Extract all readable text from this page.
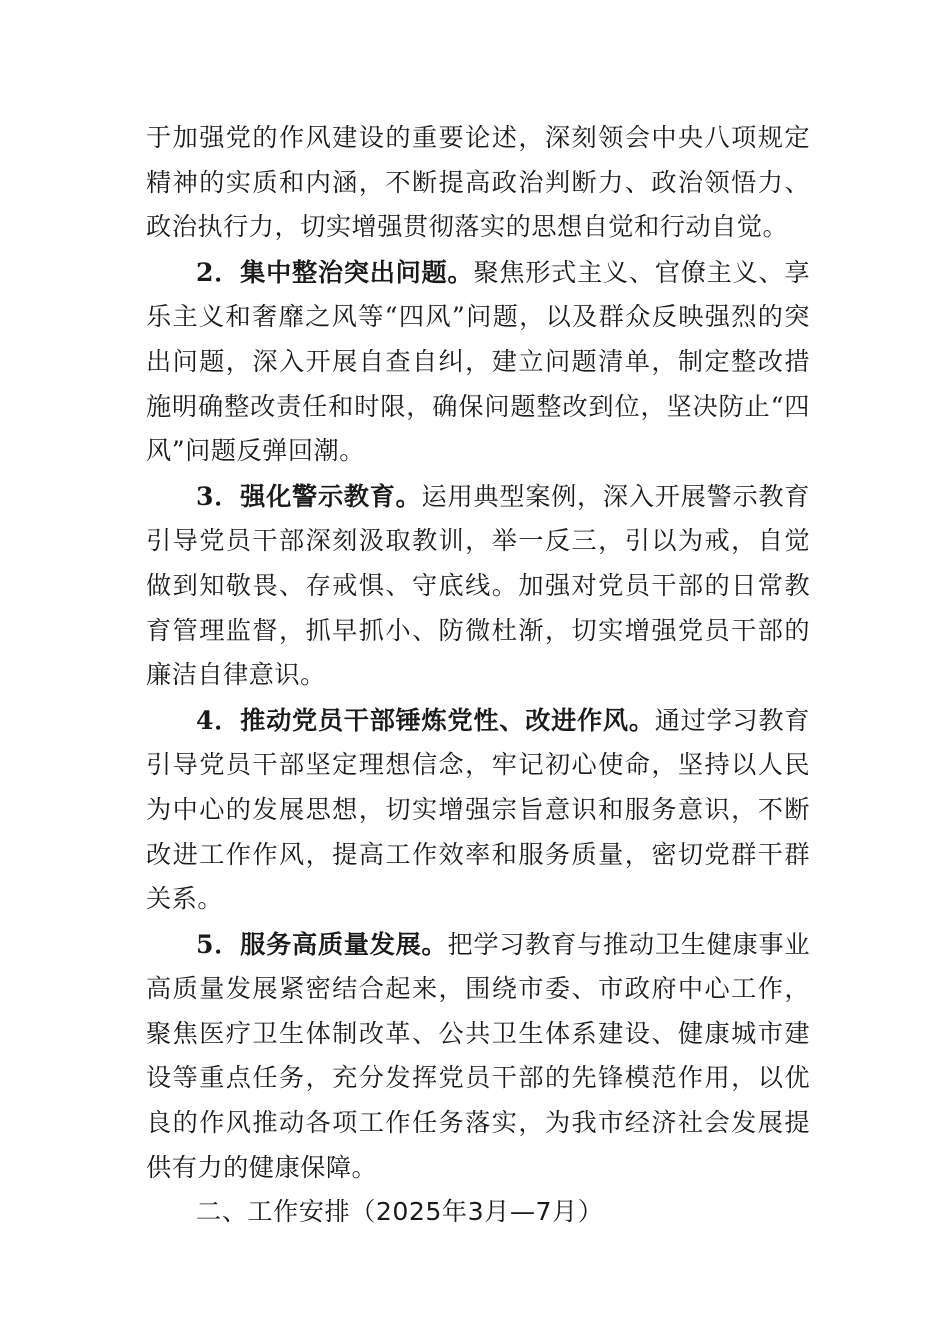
于加强党的作风建设的重要论述，深刻领会中央八项规定精神的实质和内涵，不断提高政治判断力、政治领悟力、政治执行力，切实增强贯彻落实的思想自觉和行动自觉。

2．集中整治突出问题。聚焦形式主义、官僚主义、享乐主义和奢靡之风等“四风”问题，以及群众反映强烈的突出问题，深入开展自查自纠，建立问题清单，制定整改措施明确整改责任和时限，确保问题整改到位，坚决防止“四风”问题反弹回潮。

3．强化警示教育。运用典型案例，深入开展警示教育引导党员干部深刻汲取教训，举一反三，引以为戒，自觉做到知敬畏、存戒惧、守底线。加强对党员干部的日常教育管理监督，抓早抓小、防微杜渐，切实增强党员干部的廉洁自律意识。

4．推动党员干部锤炼党性、改进作风。通过学习教育引导党员干部坚定理想信念，牢记初心使命，坚持以人民为中心的发展思想，切实增强宗旨意识和服务意识，不断改进工作作风，提高工作效率和服务质量，密切党群干群关系。

5．服务高质量发展。把学习教育与推动卫生健康事业高质量发展紧密结合起来，围绕市委、市政府中心工作，聚焦医疗卫生体制改革、公共卫生体系建设、健康城市建设等重点任务，充分发挥党员干部的先锋模范作用，以优良的作风推动各项工作任务落实，为我市经济社会发展提供有力的健康保障。

二、工作安排（2025年3月—7月）
